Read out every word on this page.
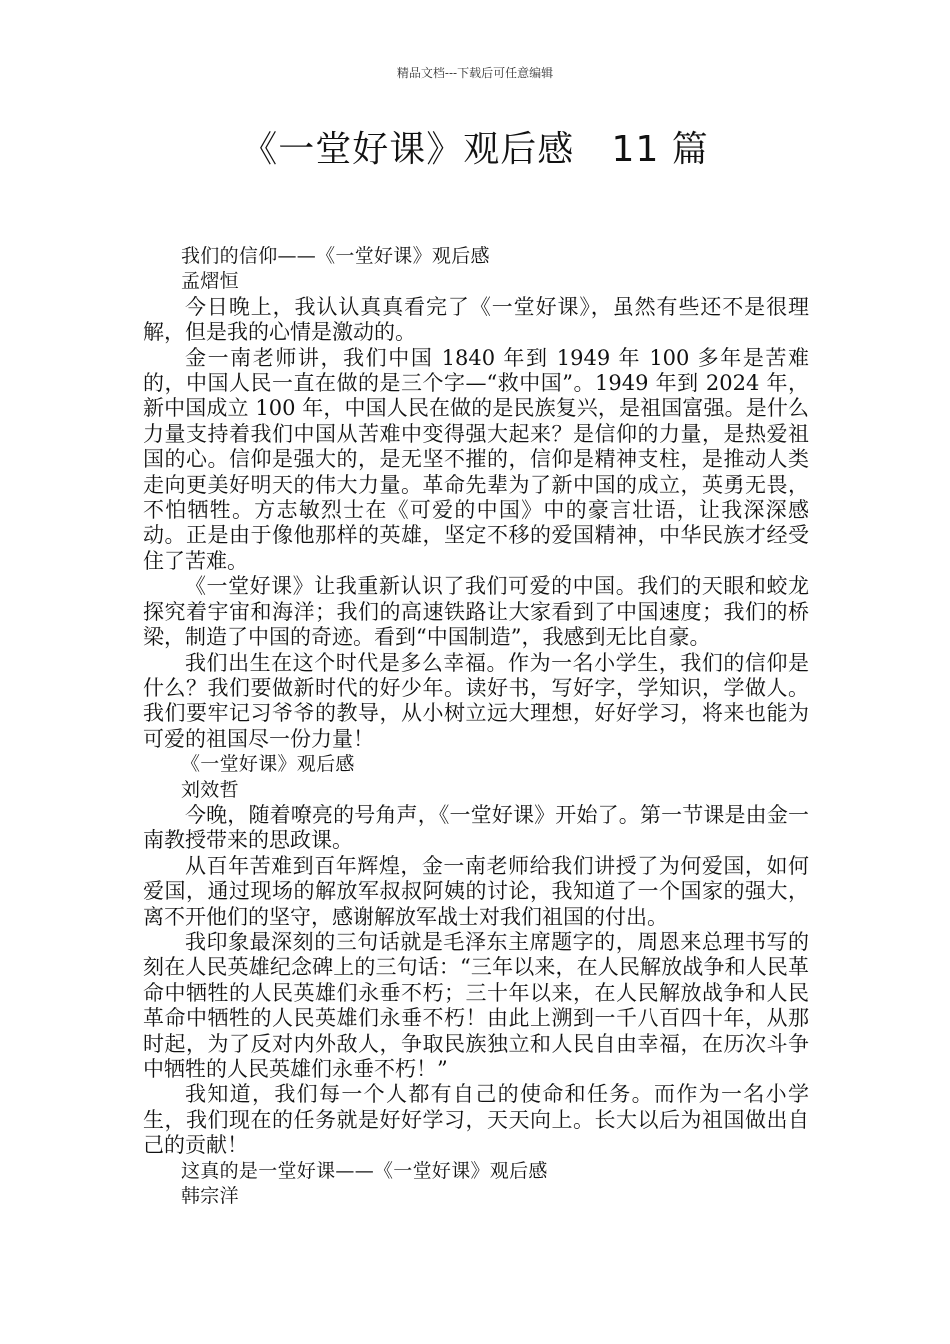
精品文档---下载后可任意编辑
《一堂好课》观后感   11 篇

我们的信仰——《一堂好课》观后感

孟熠恒

今日晚上，我认认真真看完了《一堂好课》，虽然有些还不是很理解，但是我的心情是激动的。

金一南老师讲，我们中国 1840 年到 1949 年 100 多年是苦难的，中国人民一直在做的是三个字—“救中国”。1949 年到 2024 年，新中国成立 100 年，中国人民在做的是民族复兴，是祖国富强。是什么力量支持着我们中国从苦难中变得强大起来？是信仰的力量，是热爱祖国的心。信仰是强大的，是无坚不摧的，信仰是精神支柱，是推动人类走向更美好明天的伟大力量。革命先辈为了新中国的成立，英勇无畏，不怕牺牲。方志敏烈士在《可爱的中国》中的豪言壮语，让我深深感动。正是由于像他那样的英雄，坚定不移的爱国精神，中华民族才经受住了苦难。

《一堂好课》让我重新认识了我们可爱的中国。我们的天眼和蛟龙探究着宇宙和海洋；我们的高速铁路让大家看到了中国速度；我们的桥梁，制造了中国的奇迹。看到“中国制造”，我感到无比自豪。

我们出生在这个时代是多么幸福。作为一名小学生，我们的信仰是什么？我们要做新时代的好少年。读好书，写好字，学知识，学做人。我们要牢记习爷爷的教导，从小树立远大理想，好好学习，将来也能为可爱的祖国尽一份力量！

《一堂好课》观后感

刘效哲

今晚，随着嘹亮的号角声，《一堂好课》开始了。第一节课是由金一南教授带来的思政课。

从百年苦难到百年辉煌，金一南老师给我们讲授了为何爱国，如何爱国，通过现场的解放军叔叔阿姨的讨论，我知道了一个国家的强大，离不开他们的坚守，感谢解放军战士对我们祖国的付出。

我印象最深刻的三句话就是毛泽东主席题字的，周恩来总理书写的刻在人民英雄纪念碑上的三句话：“三年以来，在人民解放战争和人民革命中牺牲的人民英雄们永垂不朽；三十年以来，在人民解放战争和人民革命中牺牲的人民英雄们永垂不朽！由此上溯到一千八百四十年，从那时起，为了反对内外敌人，争取民族独立和人民自由幸福，在历次斗争中牺牲的人民英雄们永垂不朽！”

我知道，我们每一个人都有自己的使命和任务。而作为一名小学生，我们现在的任务就是好好学习，天天向上。长大以后为祖国做出自己的贡献！

这真的是一堂好课——《一堂好课》观后感

韩宗洋
